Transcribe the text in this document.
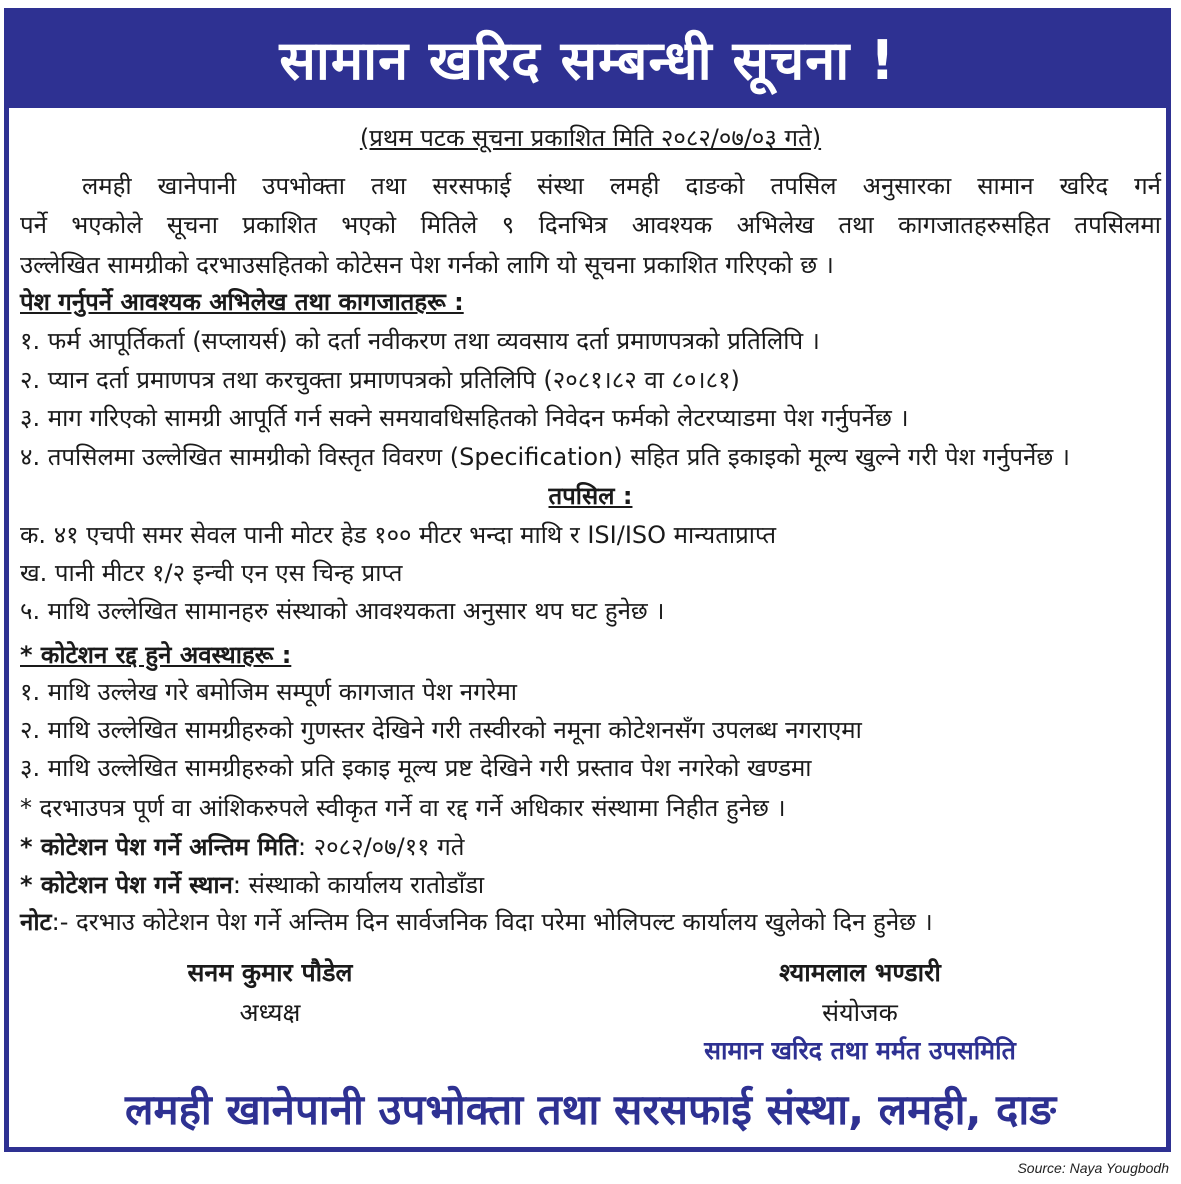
सामान खरिद सम्बन्धी सूचना !
(प्रथम पटक सूचना प्रकाशित मिति २०८२/०७/०३ गते)
लमही खानेपानी उपभोक्ता तथा सरसफाई संस्था लमही दाङको तपसिल अनुसारका सामान खरिद गर्न
पर्ने भएकोले सूचना प्रकाशित भएको मितिले ९ दिनभित्र आवश्यक अभिलेख तथा कागजातहरुसहित तपसिलमा
उल्लेखित सामग्रीको दरभाउसहितको कोटेसन पेश गर्नको लागि यो सूचना प्रकाशित गरिएको छ ।
पेश गर्नुपर्ने आवश्यक अभिलेख तथा कागजातहरू :
१. फर्म आपूर्तिकर्ता (सप्लायर्स) को दर्ता नवीकरण तथा व्यवसाय दर्ता प्रमाणपत्रको प्रतिलिपि ।
२. प्यान दर्ता प्रमाणपत्र तथा करचुक्ता प्रमाणपत्रको प्रतिलिपि (२०८१।८२ वा ८०।८१)
३. माग गरिएको सामग्री आपूर्ति गर्न सक्ने समयावधिसहितको निवेदन फर्मको लेटरप्याडमा पेश गर्नुपर्नेछ ।
४. तपसिलमा उल्लेखित सामग्रीको विस्तृत विवरण (Specification) सहित प्रति इकाइको मूल्य खुल्ने गरी पेश गर्नुपर्नेछ ।
तपसिल :
क. ४१ एचपी समर सेवल पानी मोटर हेड १०० मीटर भन्दा माथि र ISI/ISO मान्यताप्राप्त
ख. पानी मीटर १/२ इन्ची एन एस चिन्ह प्राप्त
५. माथि उल्लेखित सामानहरु संस्थाको आवश्यकता अनुसार थप घट हुनेछ ।
* कोटेशन रद्द हुने अवस्थाहरू :
१. माथि उल्लेख गरे बमोजिम सम्पूर्ण कागजात पेश नगरेमा
२. माथि उल्लेखित सामग्रीहरुको गुणस्तर देखिने गरी तस्वीरको नमूना कोटेशनसँग उपलब्ध नगराएमा
३. माथि उल्लेखित सामग्रीहरुको प्रति इकाइ मूल्य प्रष्ट देखिने गरी प्रस्ताव पेश नगरेको खण्डमा
* दरभाउपत्र पूर्ण वा आंशिकरुपले स्वीकृत गर्ने वा रद्द गर्ने अधिकार संस्थामा निहीत हुनेछ ।
* कोटेशन पेश गर्ने अन्तिम मिति: २०८२/०७/११ गते
* कोटेशन पेश गर्ने स्थान: संस्थाको कार्यालय रातोडाँडा
नोट:- दरभाउ कोटेशन पेश गर्ने अन्तिम दिन सार्वजनिक विदा परेमा भोलिपल्ट कार्यालय खुलेको दिन हुनेछ ।
सनम कुमार पौडेल
अध्यक्ष
श्यामलाल भण्डारी
संयोजक
सामान खरिद तथा मर्मत उपसमिति
लमही खानेपानी उपभोक्ता तथा सरसफाई संस्था, लमही, दाङ
Source: Naya Yougbodh
